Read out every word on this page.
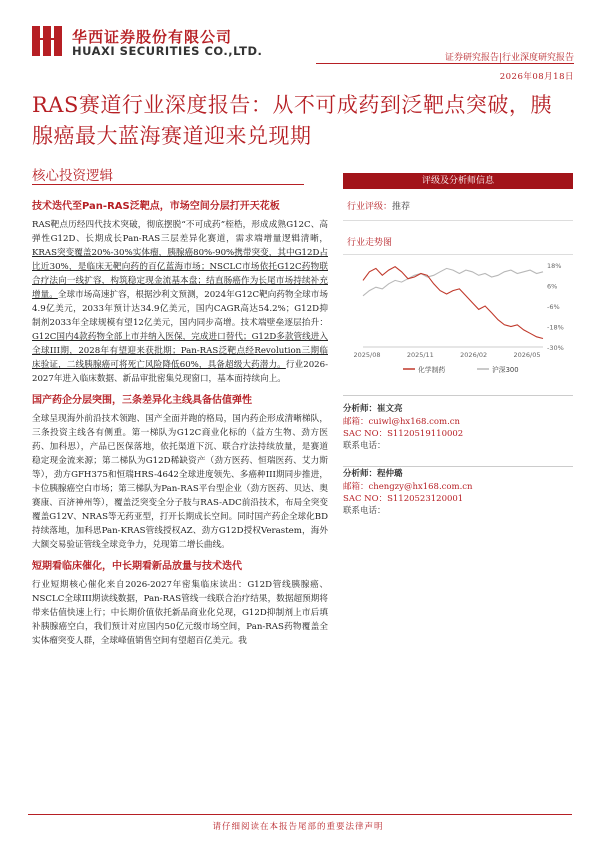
华西证券股份有限公司
HUAXI SECURITIES CO.,LTD.	证券研究报告|行业深度研究报告
2026年08月18日
RAS赛道行业深度报告：从不可成药到泛靶点突破，胰腺癌最大蓝海赛道迎来兑现期
核心投资逻辑
技术迭代至Pan-RAS泛靶点，市场空间分层打开天花板

RAS靶点历经四代技术突破，彻底摆脱“不可成药”桎梏，形成成熟G12C、高弹性G12D、长期成长Pan-RAS三层差异化赛道，需求端增量逻辑清晰，KRAS突变覆盖20%-30%实体瘤，胰腺癌80%-90%携带突变，其中G12D占比近30%，是临床无靶向药的百亿蓝海市场；NSCLC市场依托G12C药物联合疗法向一线扩容，构筑稳定现金流基本盘；结直肠癌作为长尾市场持续补充增量。全球市场高速扩容，根据沙利文预测，2024年G12C靶向药物全球市场4.9亿美元，2033年预计达34.9亿美元，国内CAGR高达54.2%；G12D抑制剂2033年全球规模有望12亿美元，国内同步高增。技术端壁垒逐层抬升：G12C国内4款药物全部上市并纳入医保，完成进口替代；G12D多款管线进入全球III期，2028年有望迎来获批期；Pan-RAS泛靶点经Revolution三期临床验证，二线胰腺癌可将死亡风险降低60%，具备超级大药潜力。行业2026-2027年进入临床数据、新品审批密集兑现窗口，基本面持续向上。

国产药企分层突围，三条差异化主线具备估值弹性

全球呈现海外前沿技术领跑、国产全面并跑的格局，国内药企形成清晰梯队，三条投资主线各有侧重。第一梯队为G12C商业化标的（益方生物、劲方医药、加科思），产品已医保落地，依托渠道下沉、联合疗法持续放量，是赛道稳定现金流来源；第二梯队为G12D稀缺资产（劲方医药、恒瑞医药、艾力斯等），劲方GFH375和恒瑞HRS-4642全球进度领先、多癌种III期同步推进，卡位胰腺癌空白市场；第三梯队为Pan-RAS平台型企业（劲方医药、贝达、奥赛康、百济神州等），覆盖泛突变全分子肢与RAS-ADC前沿技术，布局全突变覆盖G12V、NRAS等无药亚型，打开长期成长空间。同时国产药企全球化BD持续落地，加科思Pan-KRAS管线授权AZ、劲方G12D授权Verastem，海外大额交易验证管线全球竞争力，兑现第二增长曲线。

短期看临床催化，中长期看新品放量与技术迭代

行业短期核心催化来自2026-2027年密集临床读出：G12D管线胰腺癌、NSCLC全球III期读线数据，Pan-RAS管线一线联合治疗结果，数据超预期将带来估值快速上行；中长期价值依托新品商业化兑现，G12D抑制剂上市后填补胰腺癌空白，我们预计对应国内50亿元级市场空间，Pan-RAS药物覆盖全实体瘤突变人群，全球峰值销售空间有望超百亿美元。我

评级及分析师信息
行业评级：推荐
行业走势图
18%
6%
-6%
-18%
-30%
2025/08	2025/11	2026/02	2026/05
化学制药	沪深300
分析师：崔文亮
邮箱：cuiwl@hx168.com.cn
SAC NO：S1120519110002
联系电话：
分析师：程仲璐
邮箱：chengzy@hx168.com.cn
SAC NO：S1120523120001
联系电话：
请仔细阅读在本报告尾部的重要法律声明
